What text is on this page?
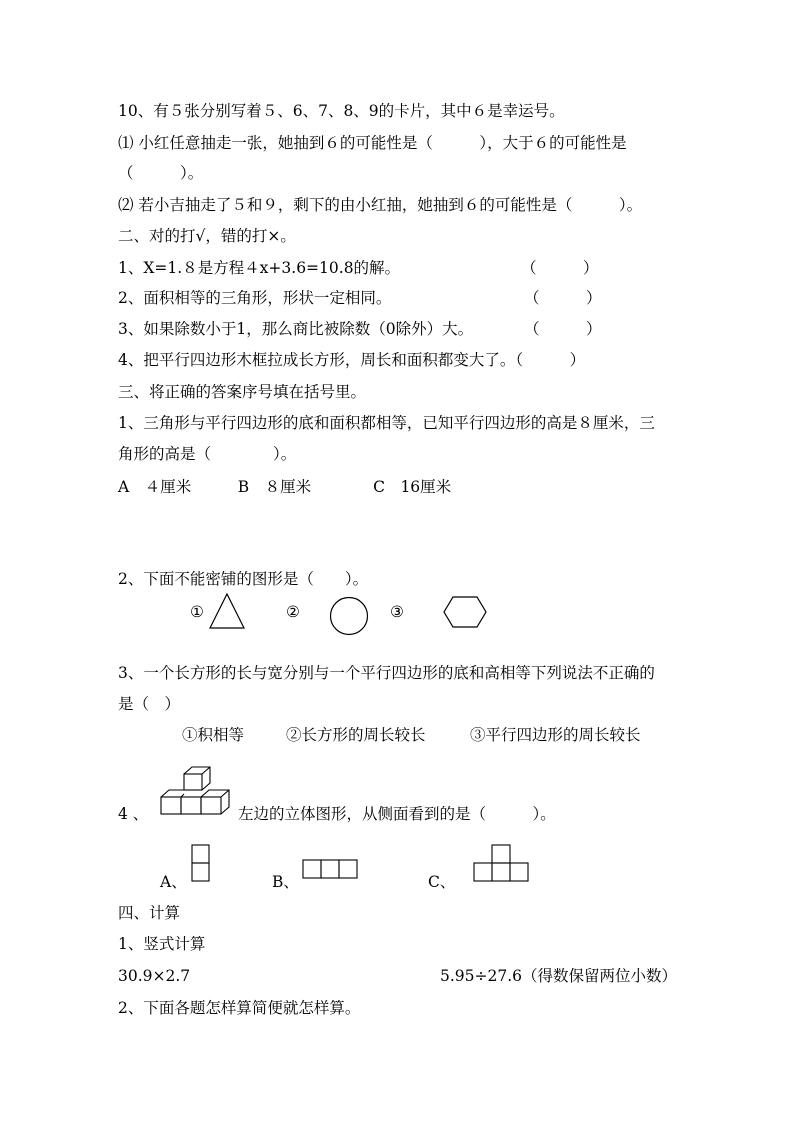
10、有５张分别写着５、6、7、8、9的卡片，其中６是幸运号。
⑴ 小红任意抽走一张，她抽到６的可能性是（　　　），大于６的可能性是
（　　　）。
⑵ 若小吉抽走了５和９，剩下的由小红抽，她抽到６的可能性是（　　　）。
二、对的打√，错的打×。
1、Χ=1.８是方程４x+3.6=10.8的解。	（　　　）
2、面积相等的三角形，形状一定相同。	（　　　）
3、如果除数小于1，那么商比被除数（0除外）大。	（　　　）
4、把平行四边形木框拉成长方形，周长和面积都变大了。（　　　）
三、将正确的答案序号填在括号里。
1、三角形与平行四边形的底和面积都相等，已知平行四边形的高是８厘米，三
角形的高是（　　　　）。
A　４厘米　　　B　８厘米　　　　C　16厘米
2、下面不能密铺的图形是（　　）。
①	②	③
3、一个长方形的长与宽分别与一个平行四边形的底和高相等下列说法不正确的
是（　）
①积相等	②长方形的周长较长	③平行四边形的周长较长
4 、	左边的立体图形，从侧面看到的是（　　　）。
A、	B、	C、
四、计算
1、竖式计算
30.9×2.7	5.95÷27.6（得数保留两位小数）
2、下面各题怎样算简便就怎样算。
